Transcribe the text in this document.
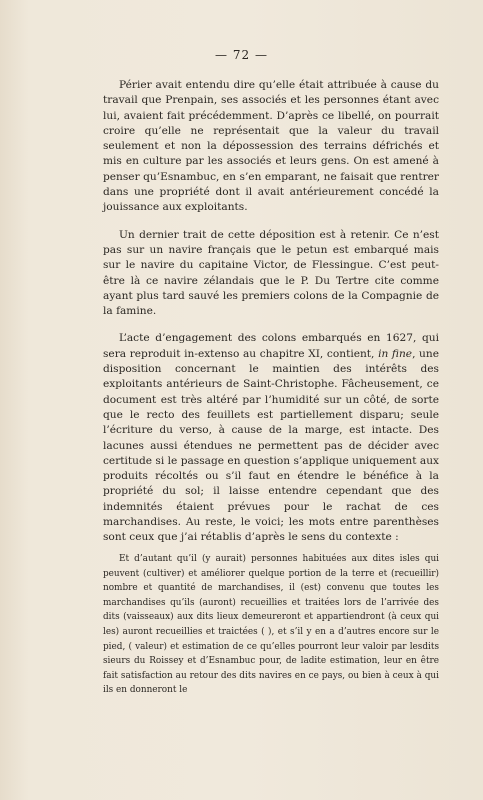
— 72 —

Périer avait entendu dire qu’elle était attribuée à cause du travail que Prenpain, ses associés et les personnes étant avec lui, avaient fait précédemment. D’après ce libellé, on pourrait croire qu’elle ne représentait que la valeur du travail seulement et non la dépossession des terrains défrichés et mis en culture par les associés et leurs gens. On est amené à penser qu’Esnambuc, en s’en emparant, ne faisait que rentrer dans une propriété dont il avait antérieurement concédé la jouissance aux exploitants.

Un dernier trait de cette déposition est à retenir. Ce n’est pas sur un navire français que le petun est embarqué mais sur le navire du capitaine Victor, de Flessingue. C’est peut-être là ce navire zélandais que le P. Du Tertre cite comme ayant plus tard sauvé les premiers colons de la Compagnie de la famine.

L’acte d’engagement des colons embarqués en 1627, qui sera reproduit in-extenso au chapitre XI, contient, in fine, une disposition concernant le maintien des intérêts des exploitants antérieurs de Saint-Christophe. Fâcheusement, ce document est très altéré par l’humidité sur un côté, de sorte que le recto des feuillets est partiellement disparu; seule l’écriture du verso, à cause de la marge, est intacte. Des lacunes aussi étendues ne permettent pas de décider avec certitude si le passage en question s’applique uniquement aux produits récoltés ou s’il faut en étendre le bénéfice à la propriété du sol; il laisse entendre cependant que des indemnités étaient prévues pour le rachat de ces marchandises. Au reste, le voici; les mots entre parenthèses sont ceux que j’ai rétablis d’après le sens du contexte :

Et d’autant qu’il (y aurait) personnes habituées aux dites isles qui peuvent (cultiver) et améliorer quelque portion de la terre et (recueillir) nombre et quantité de marchandises, il (est) convenu que toutes les marchandises qu’ils (auront) recueillies et traitées lors de l’arrivée des dits (vaisseaux) aux dits lieux demeureront et appartiendront (à ceux qui les) auront recueillies et traictées ( ), et s’il y en a d’autres encore sur le pied, ( valeur) et estimation de ce qu’elles pourront leur valoir par lesdits sieurs du Roissey et d’Esnambuc pour, de ladite estimation, leur en être fait satisfaction au retour des dits navires en ce pays, ou bien à ceux à qui ils en donneront le
